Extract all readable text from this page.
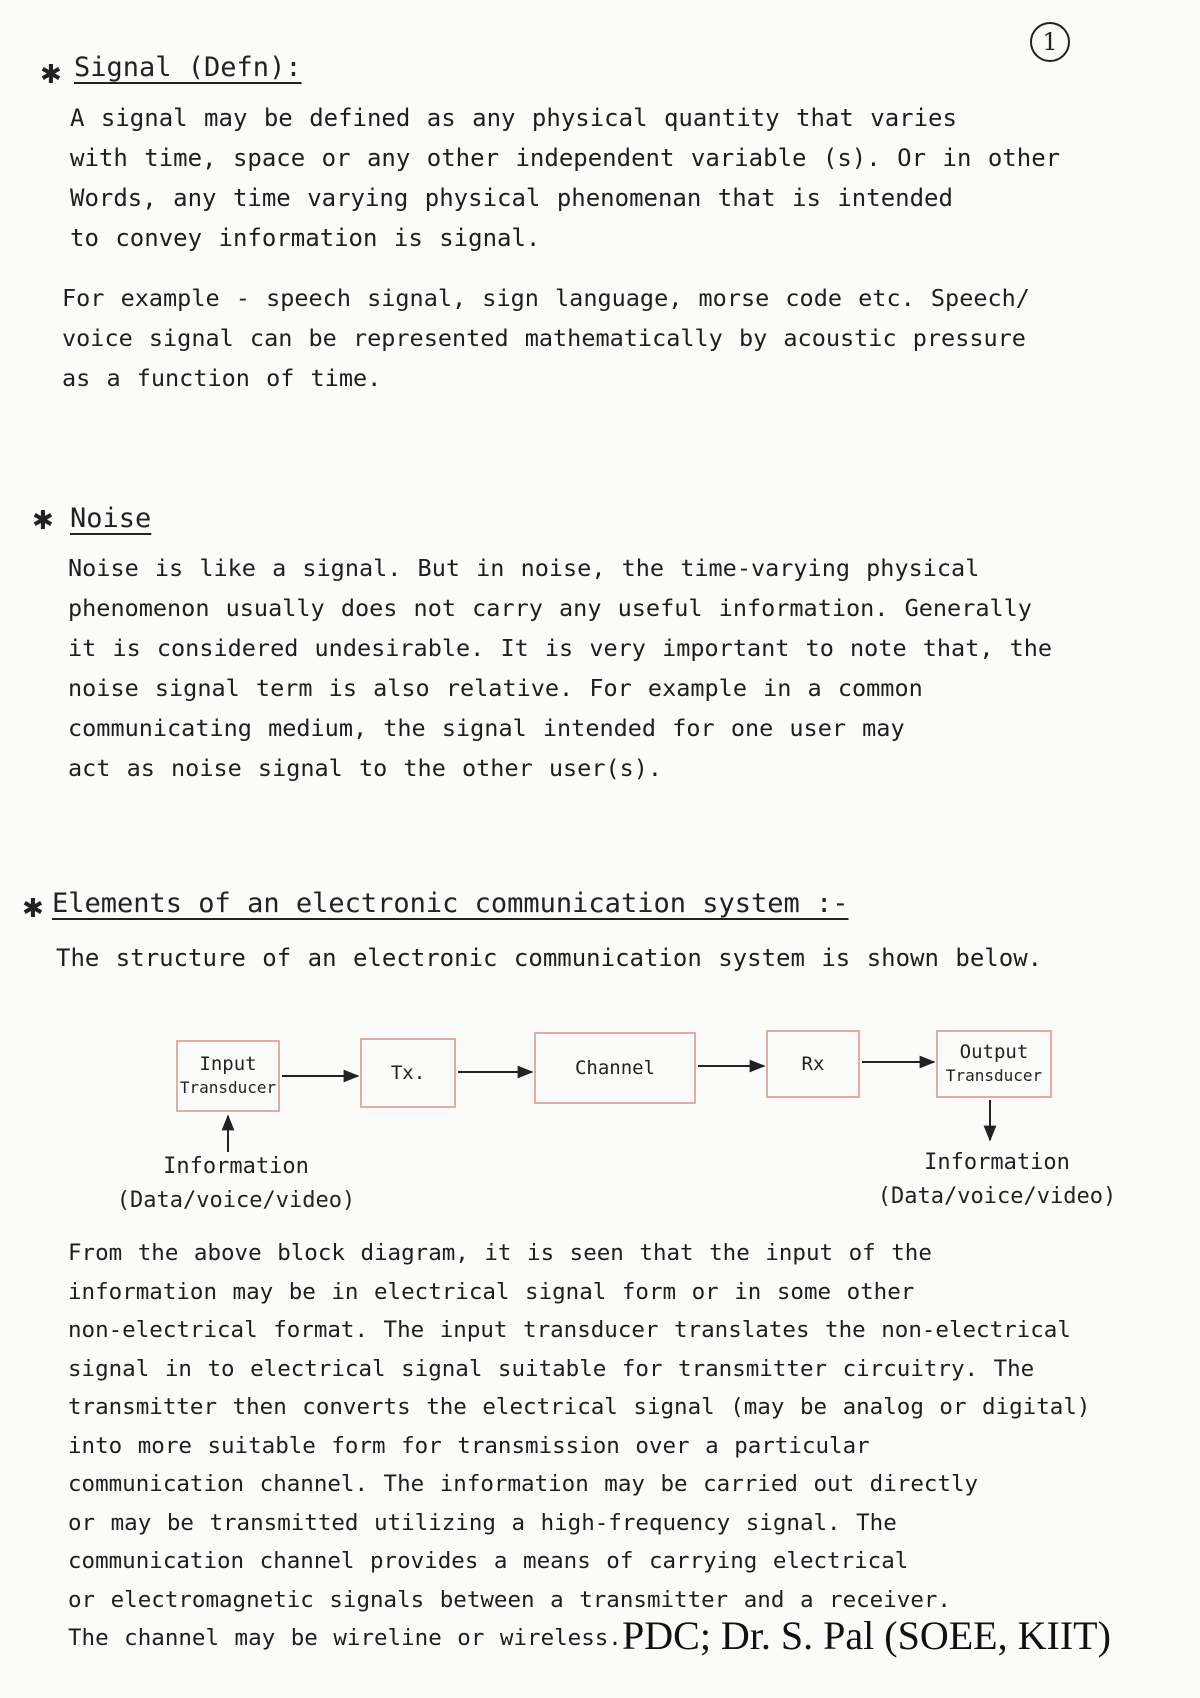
1
✱ Signal (Defn):
A signal may be defined as any physical quantity that varies
with time, space or any other independent variable (s). Or in other
Words, any time varying physical phenomenan that is intended
to convey information is signal.
For example - speech signal, sign language, morse code etc. Speech/
voice signal can be represented mathematically by acoustic pressure
as a function of time.
✱ Noise
Noise is like a signal. But in noise, the time-varying physical
phenomenon usually does not carry any useful information. Generally
it is considered undesirable. It is very important to note that, the
noise signal term is also relative. For example in a common
communicating medium, the signal intended for one user may
act as noise signal to the other user(s).
✱ Elements of an electronic communication system :-
The structure of an electronic communication system is shown below.
Input
Transducer
Tx.	Channel	Rx
Output
Transducer
Information
(Data/voice/video)
Information
(Data/voice/video)
From the above block diagram, it is seen that the input of the
information may be in electrical signal form or in some other
non-electrical format. The input transducer translates the non-electrical
signal in to electrical signal suitable for transmitter circuitry. The
transmitter then converts the electrical signal (may be analog or digital)
into more suitable form for transmission over a particular
communication channel. The information may be carried out directly
or may be transmitted utilizing a high-frequency signal. The
communication channel provides a means of carrying electrical
or electromagnetic signals between a transmitter and a receiver.
The channel may be wireline or wireless. PDC; Dr. S. Pal (SOEE, KIIT)
